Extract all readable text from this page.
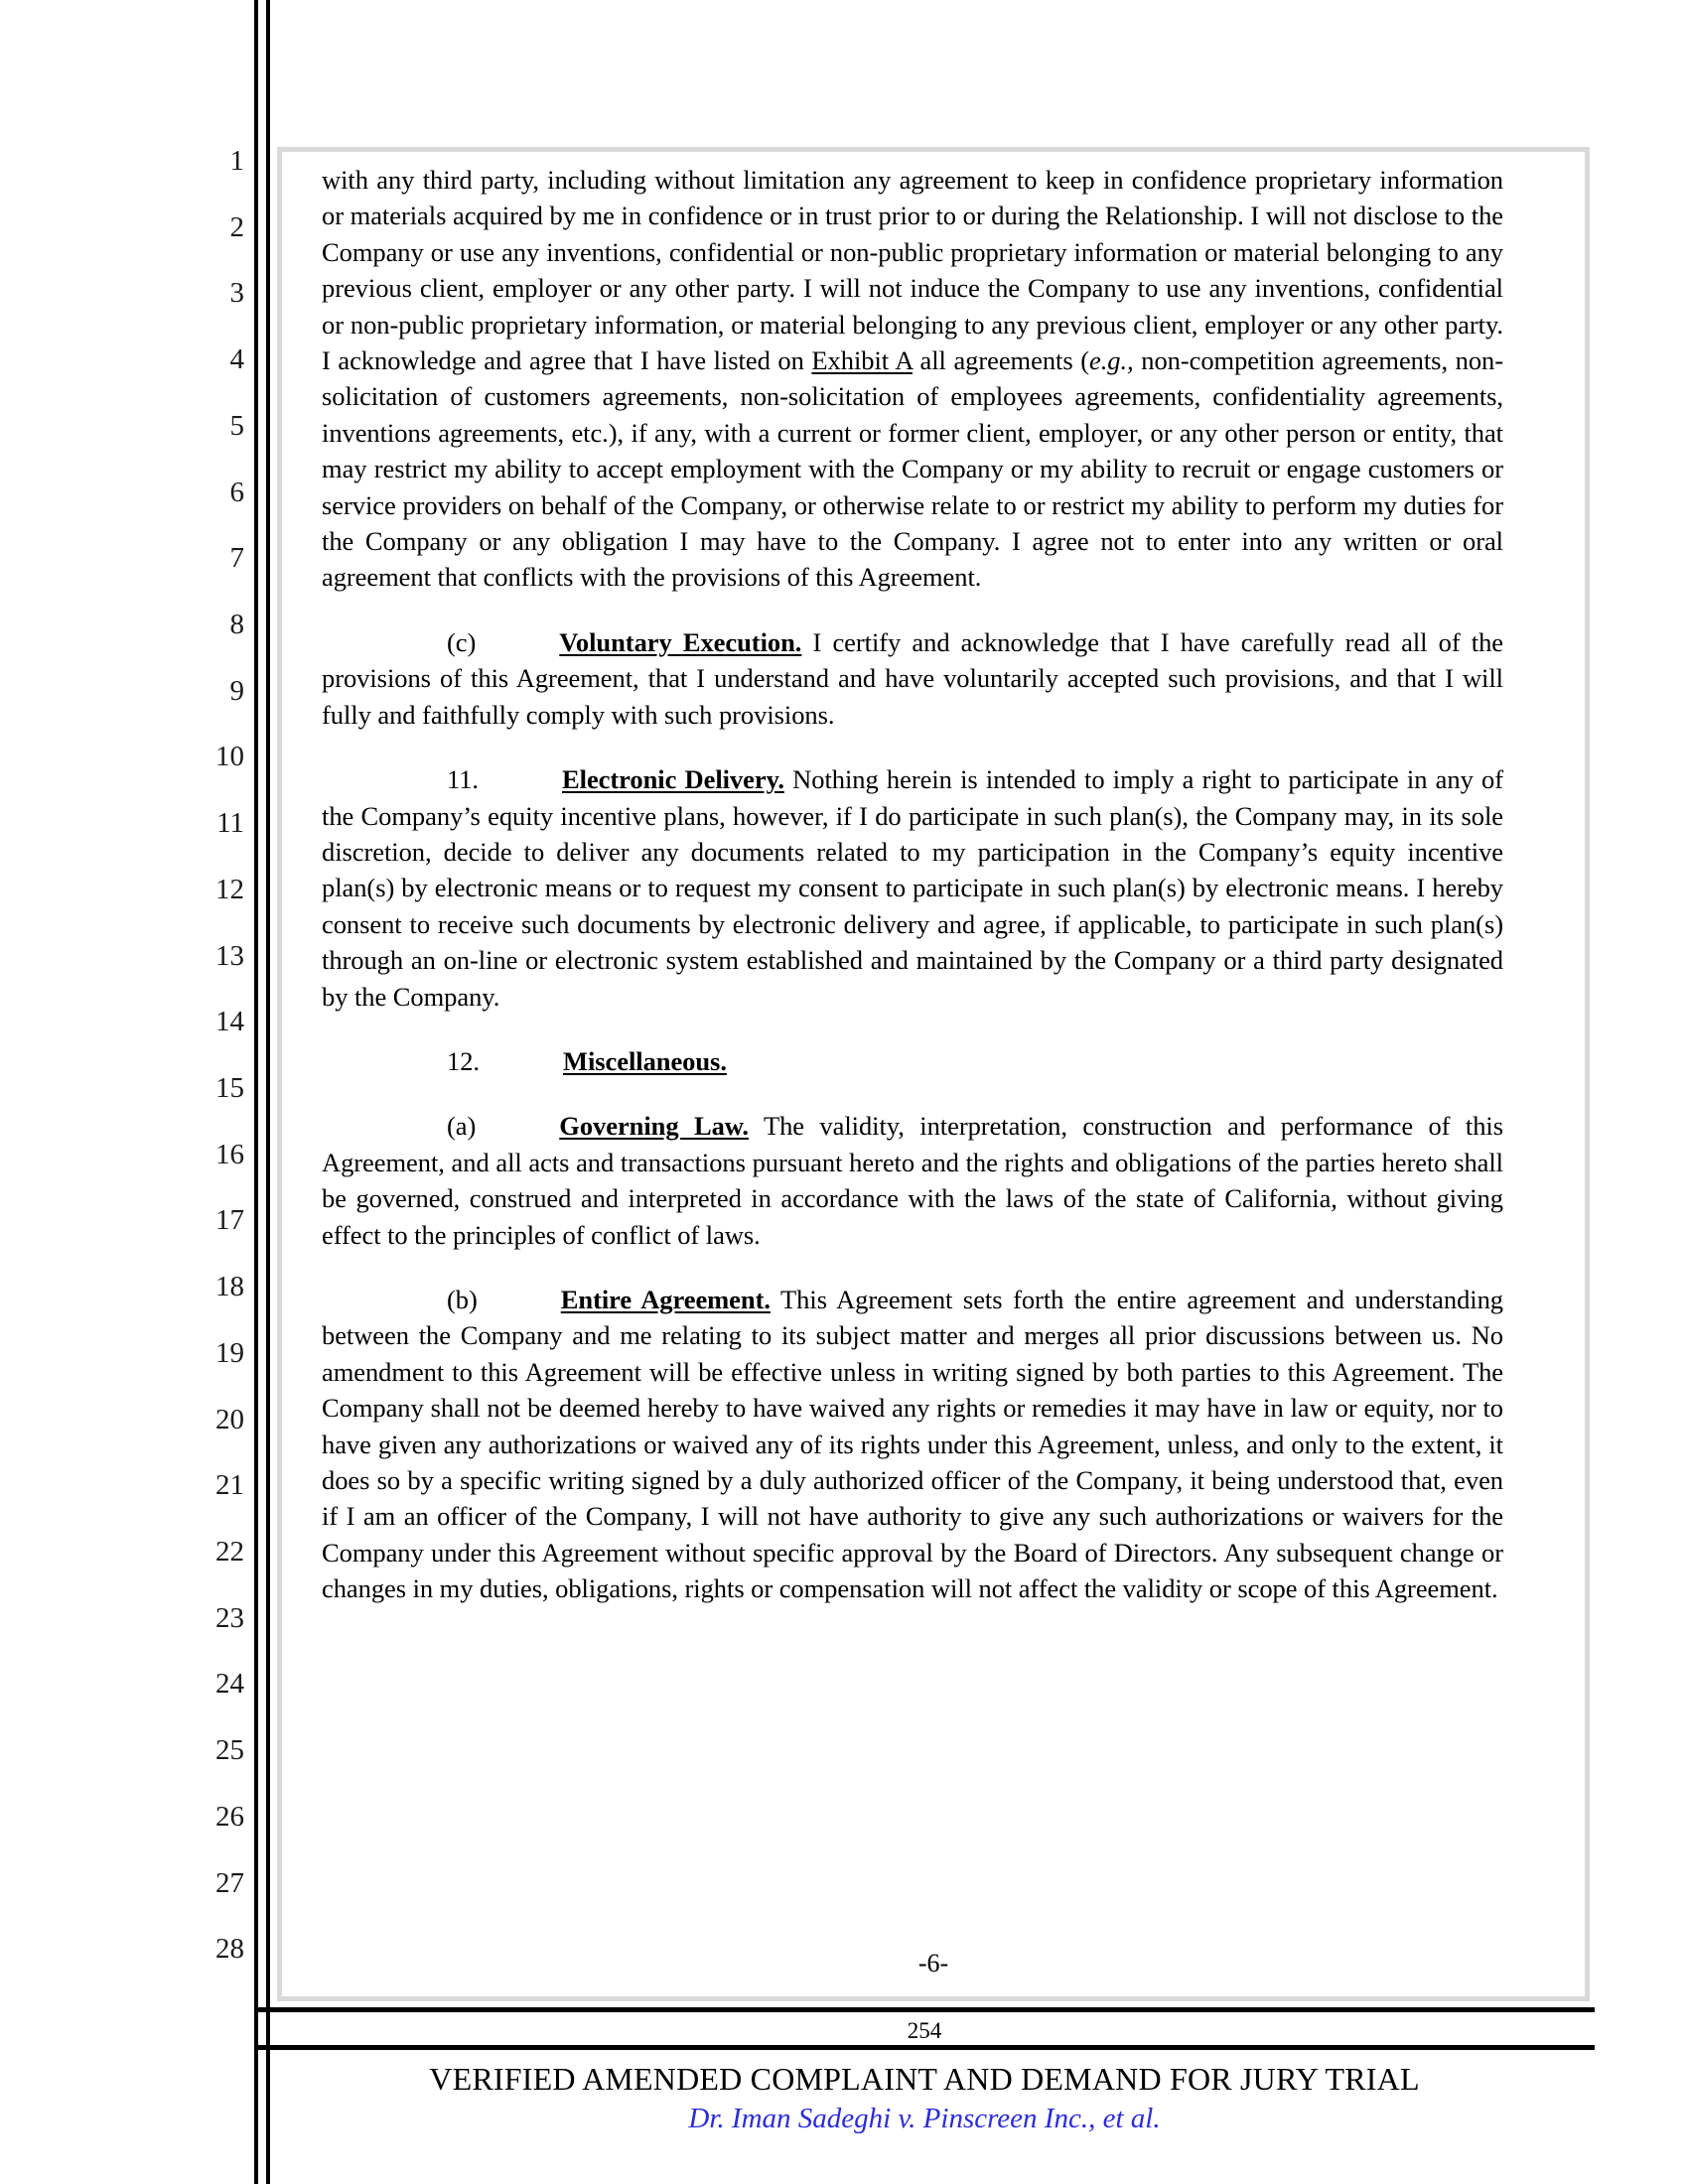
1
2
3
4
5
6
7
8
9
10
11
12
13
14
15
16
17
18
19
20
21
22
23
24
25
26
27
28

with any third party, including without limitation any agreement to keep in confidence proprietary information or materials acquired by me in confidence or in trust prior to or during the Relationship. I will not disclose to the Company or use any inventions, confidential or non-public proprietary information or material belonging to any previous client, employer or any other party. I will not induce the Company to use any inventions, confidential or non-public proprietary information, or material belonging to any previous client, employer or any other party. I acknowledge and agree that I have listed on Exhibit A all agreements (e.g., non-competition agreements, non-solicitation of customers agreements, non-solicitation of employees agreements, confidentiality agreements, inventions agreements, etc.), if any, with a current or former client, employer, or any other person or entity, that may restrict my ability to accept employment with the Company or my ability to recruit or engage customers or service providers on behalf of the Company, or otherwise relate to or restrict my ability to perform my duties for the Company or any obligation I may have to the Company. I agree not to enter into any written or oral agreement that conflicts with the provisions of this Agreement.

(c)	Voluntary Execution. I certify and acknowledge that I have carefully read all of the provisions of this Agreement, that I understand and have voluntarily accepted such provisions, and that I will fully and faithfully comply with such provisions.

11.	Electronic Delivery. Nothing herein is intended to imply a right to participate in any of the Company’s equity incentive plans, however, if I do participate in such plan(s), the Company may, in its sole discretion, decide to deliver any documents related to my participation in the Company’s equity incentive plan(s) by electronic means or to request my consent to participate in such plan(s) by electronic means. I hereby consent to receive such documents by electronic delivery and agree, if applicable, to participate in such plan(s) through an on-line or electronic system established and maintained by the Company or a third party designated by the Company.

12.	Miscellaneous.

(a)	Governing Law. The validity, interpretation, construction and performance of this Agreement, and all acts and transactions pursuant hereto and the rights and obligations of the parties hereto shall be governed, construed and interpreted in accordance with the laws of the state of California, without giving effect to the principles of conflict of laws.

(b)	Entire Agreement. This Agreement sets forth the entire agreement and understanding between the Company and me relating to its subject matter and merges all prior discussions between us. No amendment to this Agreement will be effective unless in writing signed by both parties to this Agreement. The Company shall not be deemed hereby to have waived any rights or remedies it may have in law or equity, nor to have given any authorizations or waived any of its rights under this Agreement, unless, and only to the extent, it does so by a specific writing signed by a duly authorized officer of the Company, it being understood that, even if I am an officer of the Company, I will not have authority to give any such authorizations or waivers for the Company under this Agreement without specific approval by the Board of Directors. Any subsequent change or changes in my duties, obligations, rights or compensation will not affect the validity or scope of this Agreement.

-6-
254
VERIFIED AMENDED COMPLAINT AND DEMAND FOR JURY TRIAL
Dr. Iman Sadeghi v. Pinscreen Inc., et al.
